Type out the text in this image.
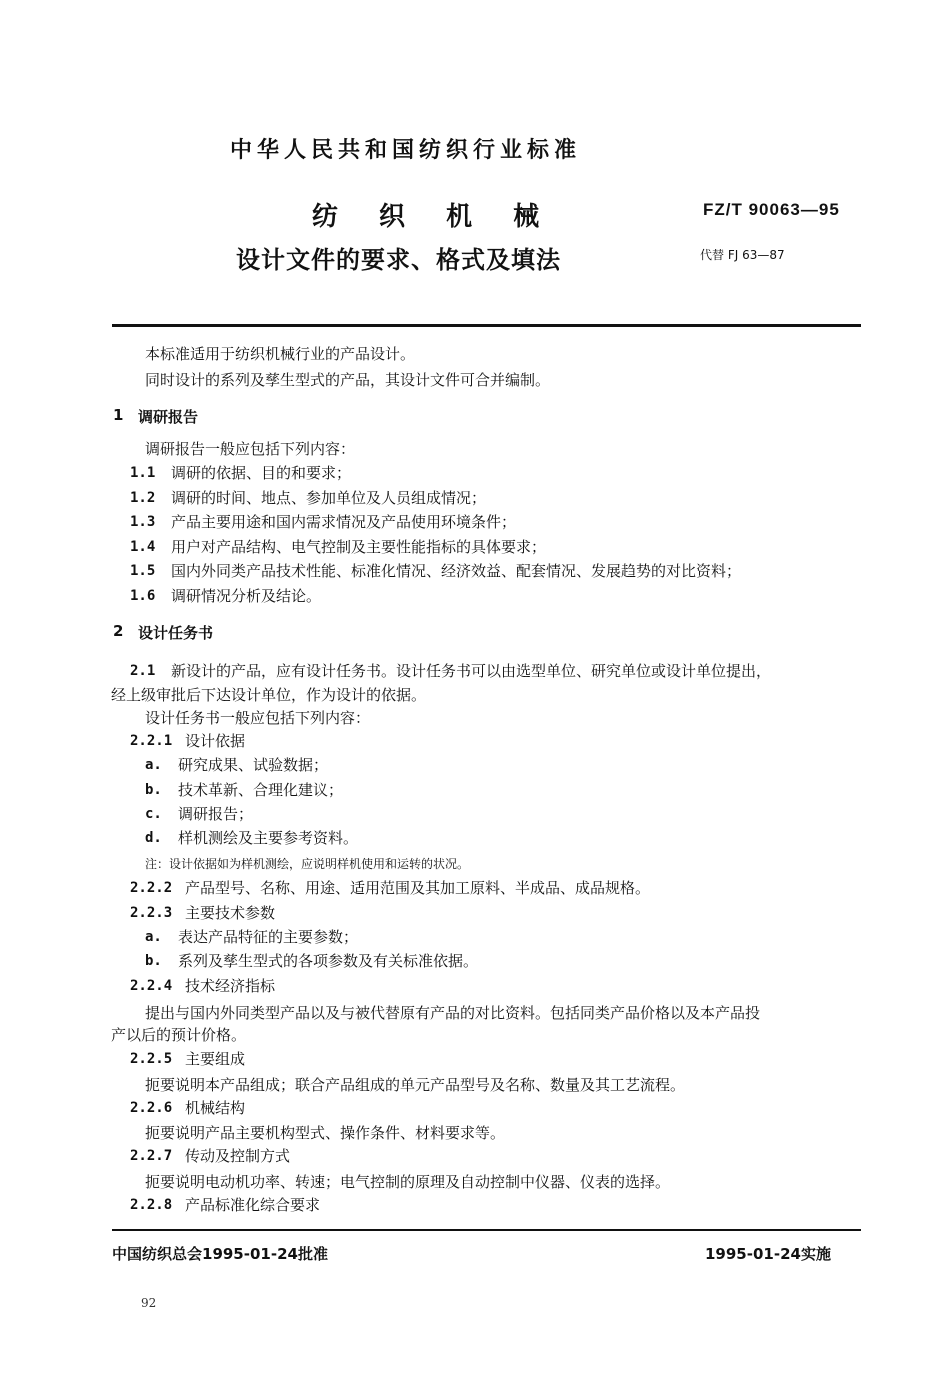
中华人民共和国纺织行业标准
纺 织 机 械
设计文件的要求、格式及填法
FZ/T 90063—95
代替 FJ 63—87
本标准适用于纺织机械行业的产品设计。
同时设计的系列及孳生型式的产品，其设计文件可合并编制。
1 调研报告
调研报告一般应包括下列内容：
1.1 调研的依据、目的和要求；
1.2 调研的时间、地点、参加单位及人员组成情况；
1.3 产品主要用途和国内需求情况及产品使用环境条件；
1.4 用户对产品结构、电气控制及主要性能指标的具体要求；
1.5 国内外同类产品技术性能、标准化情况、经济效益、配套情况、发展趋势的对比资料；
1.6 调研情况分析及结论。
2 设计任务书
2.1 新设计的产品，应有设计任务书。设计任务书可以由选型单位、研究单位或设计单位提出，
经上级审批后下达设计单位，作为设计的依据。
设计任务书一般应包括下列内容：
2.2.1 设计依据
a. 研究成果、试验数据；
b. 技术革新、合理化建议；
c. 调研报告；
d. 样机测绘及主要参考资料。
注：设计依据如为样机测绘，应说明样机使用和运转的状况。
2.2.2 产品型号、名称、用途、适用范围及其加工原料、半成品、成品规格。
2.2.3 主要技术参数
a. 表达产品特征的主要参数；
b. 系列及孳生型式的各项参数及有关标准依据。
2.2.4 技术经济指标
提出与国内外同类型产品以及与被代替原有产品的对比资料。包括同类产品价格以及本产品投
产以后的预计价格。
2.2.5 主要组成
扼要说明本产品组成；联合产品组成的单元产品型号及名称、数量及其工艺流程。
2.2.6 机械结构
扼要说明产品主要机构型式、操作条件、材料要求等。
2.2.7 传动及控制方式
扼要说明电动机功率、转速；电气控制的原理及自动控制中仪器、仪表的选择。
2.2.8 产品标准化综合要求
中国纺织总会1995-01-24批准	1995-01-24实施
92
